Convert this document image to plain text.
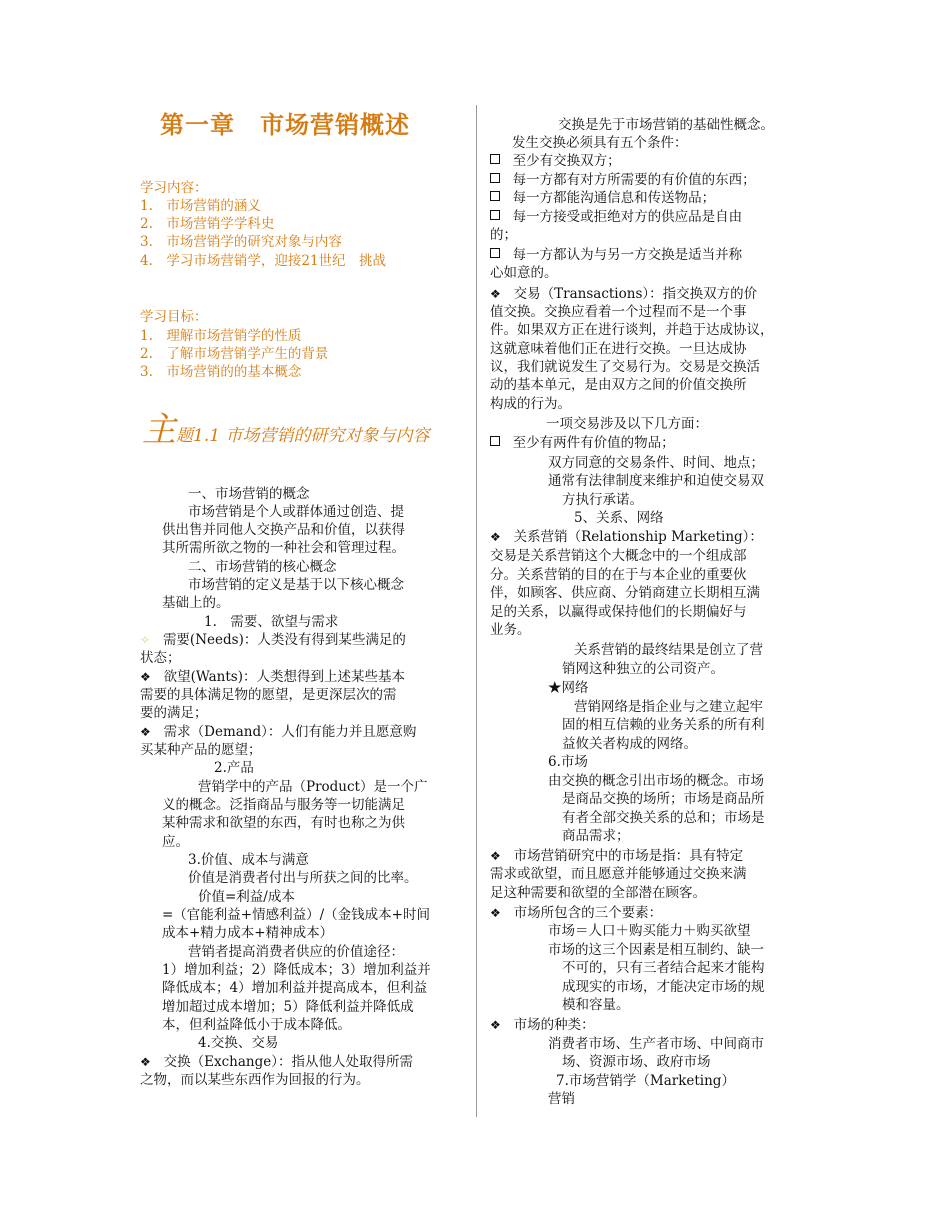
第一章　市场营销概述
学习内容：
1.　市场营销的涵义
2.　市场营销学学科史
3.　市场营销学的研究对象与内容
4.　学习市场营销学，迎接21世纪　挑战
学习目标：
1.　理解市场营销学的性质
2.　了解市场营销学产生的背景
3.　市场营销的的基本概念
主题1.1 市场营销的研究对象与内容
一、市场营销的概念
市场营销是个人或群体通过创造、提
供出售并同他人交换产品和价值，以获得
其所需所欲之物的一种社会和管理过程。
二、市场营销的核心概念
市场营销的定义是基于以下核心概念
基础上的。
1.　需要、欲望与需求
✧ 需要(Needs)：人类没有得到某些满足的
状态；
❖ 欲望(Wants)：人类想得到上述某些基本
需要的具体满足物的愿望，是更深层次的需
要的满足；
❖ 需求（Demand）：人们有能力并且愿意购
买某种产品的愿望；
2.产品
营销学中的产品（Product）是一个广
义的概念。泛指商品与服务等一切能满足
某种需求和欲望的东西，有时也称之为供
应。
3.价值、成本与满意
价值是消费者付出与所获之间的比率。
价值=利益/成本
=（官能利益+情感利益）/（金钱成本+时间
成本+精力成本+精神成本）
营销者提高消费者供应的价值途径：
1）增加利益；2）降低成本；3）增加利益并
降低成本；4）增加利益并提高成本，但利益
增加超过成本增加；5）降低利益并降低成
本，但利益降低小于成本降低。
4.交换、交易
❖ 交换（Exchange）：指从他人处取得所需
之物，而以某些东西作为回报的行为。
交换是先于市场营销的基础性概念。
发生交换必须具有五个条件：
至少有交换双方；
每一方都有对方所需要的有价值的东西；
每一方都能沟通信息和传送物品；
每一方接受或拒绝对方的供应品是自由
的；
每一方都认为与另一方交换是适当并称
心如意的。
❖ 交易（Transactions）：指交换双方的价
值交换。交换应看着一个过程而不是一个事
件。如果双方正在进行谈判，并趋于达成协议，
这就意味着他们正在进行交换。一旦达成协
议，我们就说发生了交易行为。交易是交换活
动的基本单元，是由双方之间的价值交换所
构成的行为。
一项交易涉及以下几方面：
至少有两件有价值的物品；
双方同意的交易条件、时间、地点；
通常有法律制度来维护和迫使交易双
方执行承诺。
5、关系、网络
❖ 关系营销（Relationship Marketing）：
交易是关系营销这个大概念中的一个组成部
分。关系营销的目的在于与本企业的重要伙
伴，如顾客、供应商、分销商建立长期相互满
足的关系，以赢得或保持他们的长期偏好与
业务。
关系营销的最终结果是创立了营
销网这种独立的公司资产。
★网络
营销网络是指企业与之建立起牢
固的相互信赖的业务关系的所有利
益攸关者构成的网络。
6.市场
由交换的概念引出市场的概念。市场
是商品交换的场所；市场是商品所
有者全部交换关系的总和；市场是
商品需求；
❖ 市场营销研究中的市场是指：具有特定
需求或欲望，而且愿意并能够通过交换来满
足这种需要和欲望的全部潜在顾客。
❖ 市场所包含的三个要素：
市场＝人口＋购买能力＋购买欲望
市场的这三个因素是相互制约、缺一
不可的，只有三者结合起来才能构
成现实的市场，才能决定市场的规
模和容量。
❖ 市场的种类：
消费者市场、生产者市场、中间商市
场、资源市场、政府市场
7.市场营销学（Marketing）
营销
